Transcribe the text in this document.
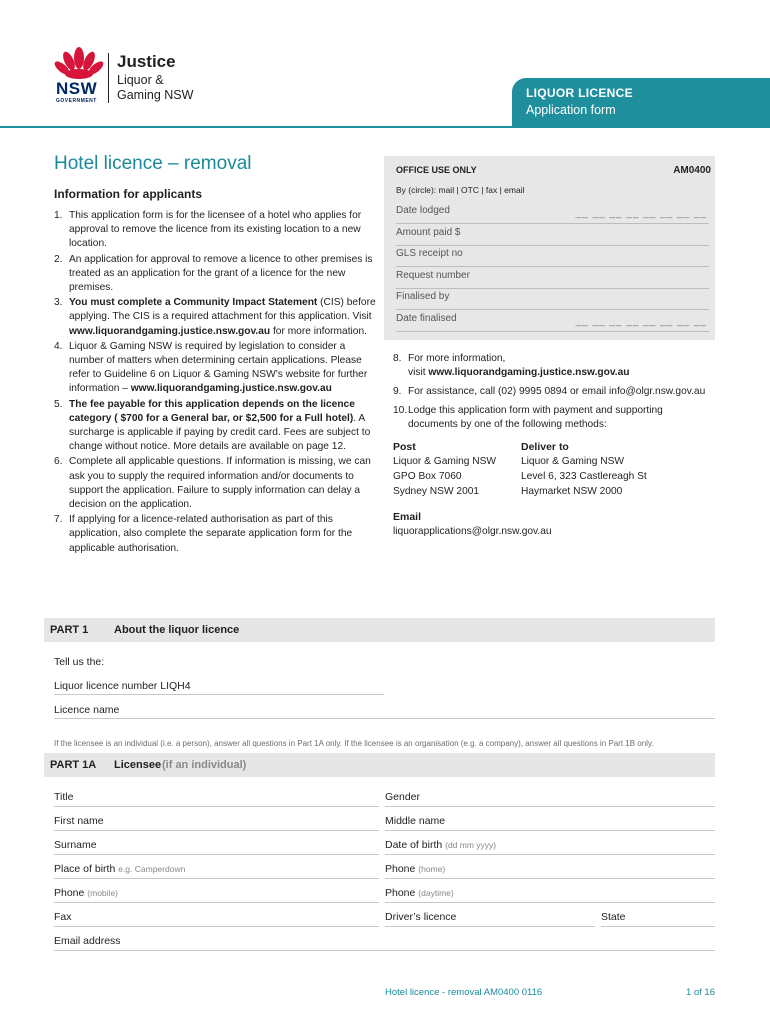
NSW
GOVERNMENT
Justice
Liquor &
Gaming NSW	LIQUOR LICENCE
Application form
Hotel licence – removal
Information for applicants
1. This application form is for the licensee of a hotel who applies for approval to remove the licence from its existing location to a new location.
2. An application for approval to remove a licence to other premises is treated as an application for the grant of a licence for the new premises.
3. You must complete a Community Impact Statement (CIS) before applying. The CIS is a required attachment for this application. Visit www.liquorandgaming.justice.nsw.gov.au for more information.
4. Liquor & Gaming NSW is required by legislation to consider a number of matters when determining certain applications. Please refer to Guideline 6 on Liquor & Gaming NSW’s website for further information – www.liquorandgaming.justice.nsw.gov.au
5. The fee payable for this application depends on the licence category ( $700 for a General bar, or $2,500 for a Full hotel). A surcharge is applicable if paying by credit card. Fees are subject to change without notice. More details are available on page 12.
6. Complete all applicable questions. If information is missing, we can ask you to supply the required information and/or documents to support the application. Failure to supply information can delay a decision on the application.
7. If applying for a licence-related authorisation as part of this application, also complete the separate application form for the applicable authorisation.
OFFICE USE ONLY	AM0400
By (circle): mail | OTC | fax | email
Date lodged	__ __ __ __ __ __ __ __
Amount paid $
GLS receipt no
Request number
Finalised by
Date finalised	__ __ __ __ __ __ __ __
8. For more information,
visit www.liquorandgaming.justice.nsw.gov.au
9. For assistance, call (02) 9995 0894 or email info@olgr.nsw.gov.au
10. Lodge this application form with payment and supporting
documents by one of the following methods:
Post
Liquor & Gaming NSW
GPO Box 7060
Sydney NSW 2001
Deliver to
Liquor & Gaming NSW
Level 6, 323 Castlereagh St
Haymarket NSW 2000
Email
liquorapplications@olgr.nsw.gov.au
PART 1 About the liquor licence
Tell us the:
Liquor licence number LIQH4
Licence name
If the licensee is an individual (i.e. a person), answer all questions in Part 1A only. If the licensee is an organisation (e.g. a company), answer all questions in Part 1B only.
PART 1A Licensee (if an individual)
Title	Gender
First name	Middle name
Surname	Date of birth (dd mm yyyy)
Place of birth e.g. Camperdown	Phone (home)
Phone (mobile)	Phone (daytime)
Fax	Driver’s licence	State
Email address
Hotel licence - removal AM0400 0116	1 of 16
